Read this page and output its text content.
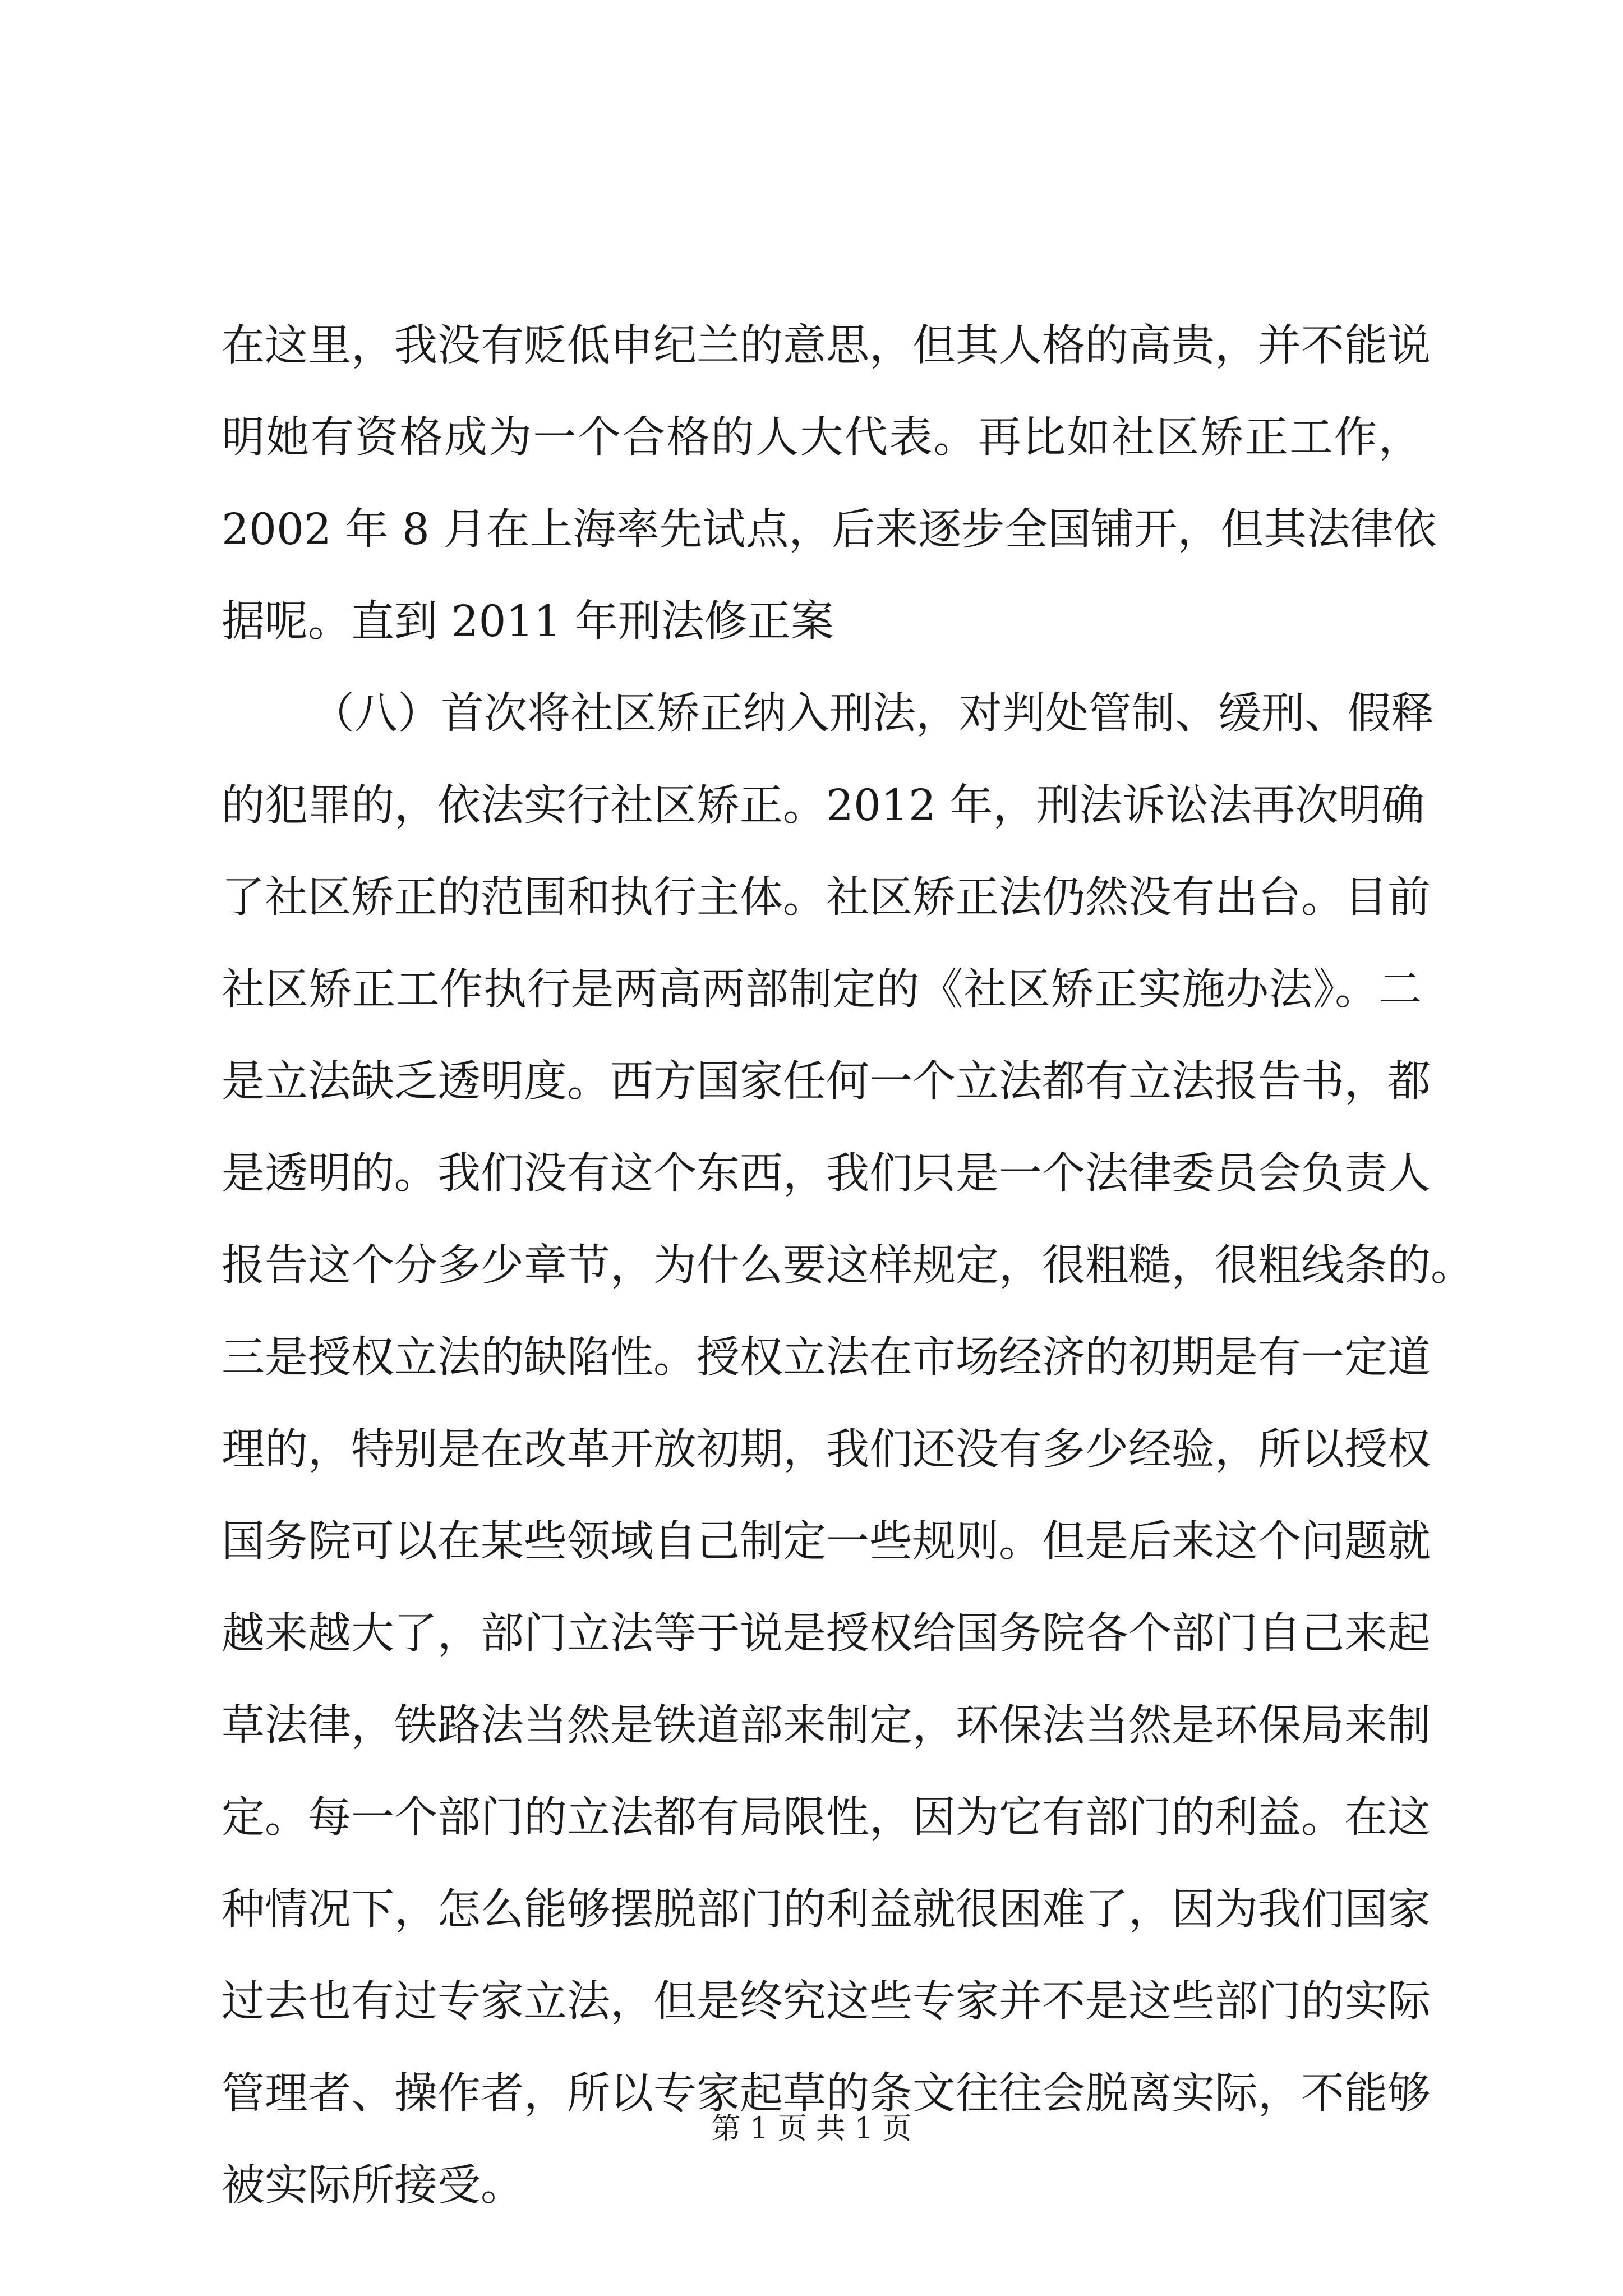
在这里，我没有贬低申纪兰的意思，但其人格的高贵，并不能说
明她有资格成为一个合格的人大代表。再比如社区矫正工作，
2002 年 8 月在上海率先试点，后来逐步全国铺开，但其法律依
据呢。直到 2011 年刑法修正案
（八）首次将社区矫正纳入刑法，对判处管制、缓刑、假释
的犯罪的，依法实行社区矫正。2012 年，刑法诉讼法再次明确
了社区矫正的范围和执行主体。社区矫正法仍然没有出台。目前
社区矫正工作执行是两高两部制定的《社区矫正实施办法》。二
是立法缺乏透明度。西方国家任何一个立法都有立法报告书，都
是透明的。我们没有这个东西，我们只是一个法律委员会负责人
报告这个分多少章节，为什么要这样规定，很粗糙，很粗线条的。
三是授权立法的缺陷性。授权立法在市场经济的初期是有一定道
理的，特别是在改革开放初期，我们还没有多少经验，所以授权
国务院可以在某些领域自己制定一些规则。但是后来这个问题就
越来越大了，部门立法等于说是授权给国务院各个部门自己来起
草法律，铁路法当然是铁道部来制定，环保法当然是环保局来制
定。每一个部门的立法都有局限性，因为它有部门的利益。在这
种情况下，怎么能够摆脱部门的利益就很困难了，因为我们国家
过去也有过专家立法，但是终究这些专家并不是这些部门的实际
管理者、操作者，所以专家起草的条文往往会脱离实际，不能够
被实际所接受。
第 1 页 共 1 页
